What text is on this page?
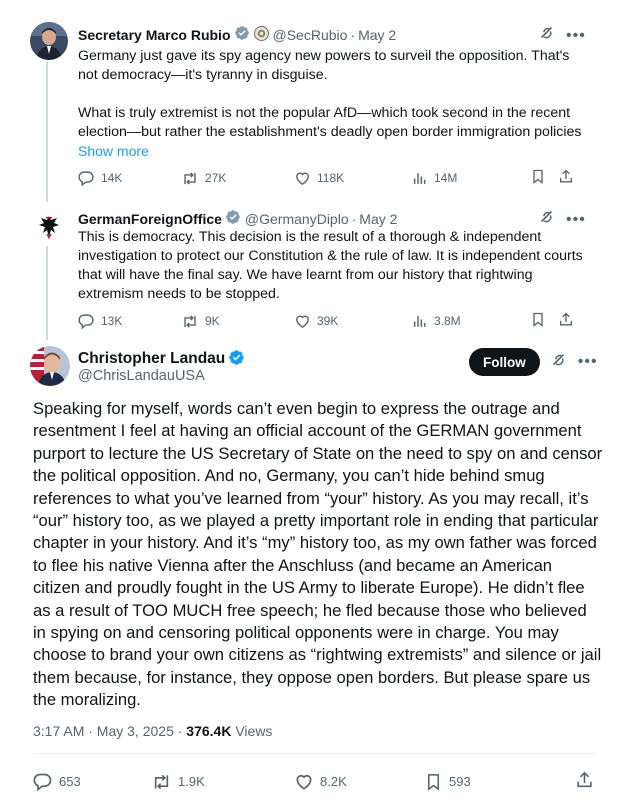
Secretary Marco Rubio	@SecRubio · May 2	•••

Germany just gave its spy agency new powers to surveil the opposition. That's not democracy—it's tyranny in disguise.

What is truly extremist is not the popular AfD—which took second in the recent election—but rather the establishment's deadly open border immigration policies

Show more

14K	27K	118K	14M
GermanForeignOffice @GermanyDiplo · May 2	•••

This is democracy. This decision is the result of a thorough & independent investigation to protect our Constitution & the rule of law. It is independent courts that will have the final say. We have learnt from our history that rightwing extremism needs to be stopped.

13K	9K	39K	3.8M
Christopher Landau
@ChrisLandauUSA
Follow	•••
Speaking for myself, words can’t even begin to express the outrage and resentment I feel at having an official account of the GERMAN government purport to lecture the US Secretary of State on the need to spy on and censor the political opposition. And no, Germany, you can’t hide behind smug references to what you’ve learned from “your” history. As you may recall, it’s “our” history too, as we played a pretty important role in ending that particular chapter in your history. And it’s “my” history too, as my own father was forced to flee his native Vienna after the Anschluss (and became an American citizen and proudly fought in the US Army to liberate Europe). He didn’t flee as a result of TOO MUCH free speech; he fled because those who believed in spying on and censoring political opponents were in charge. You may choose to brand your own citizens as “rightwing extremists” and silence or jail them because, for instance, they oppose open borders. But please spare us the moralizing.
3:17 AM · May 3, 2025 · 376.4K Views
653	1.9K	8.2K	593
